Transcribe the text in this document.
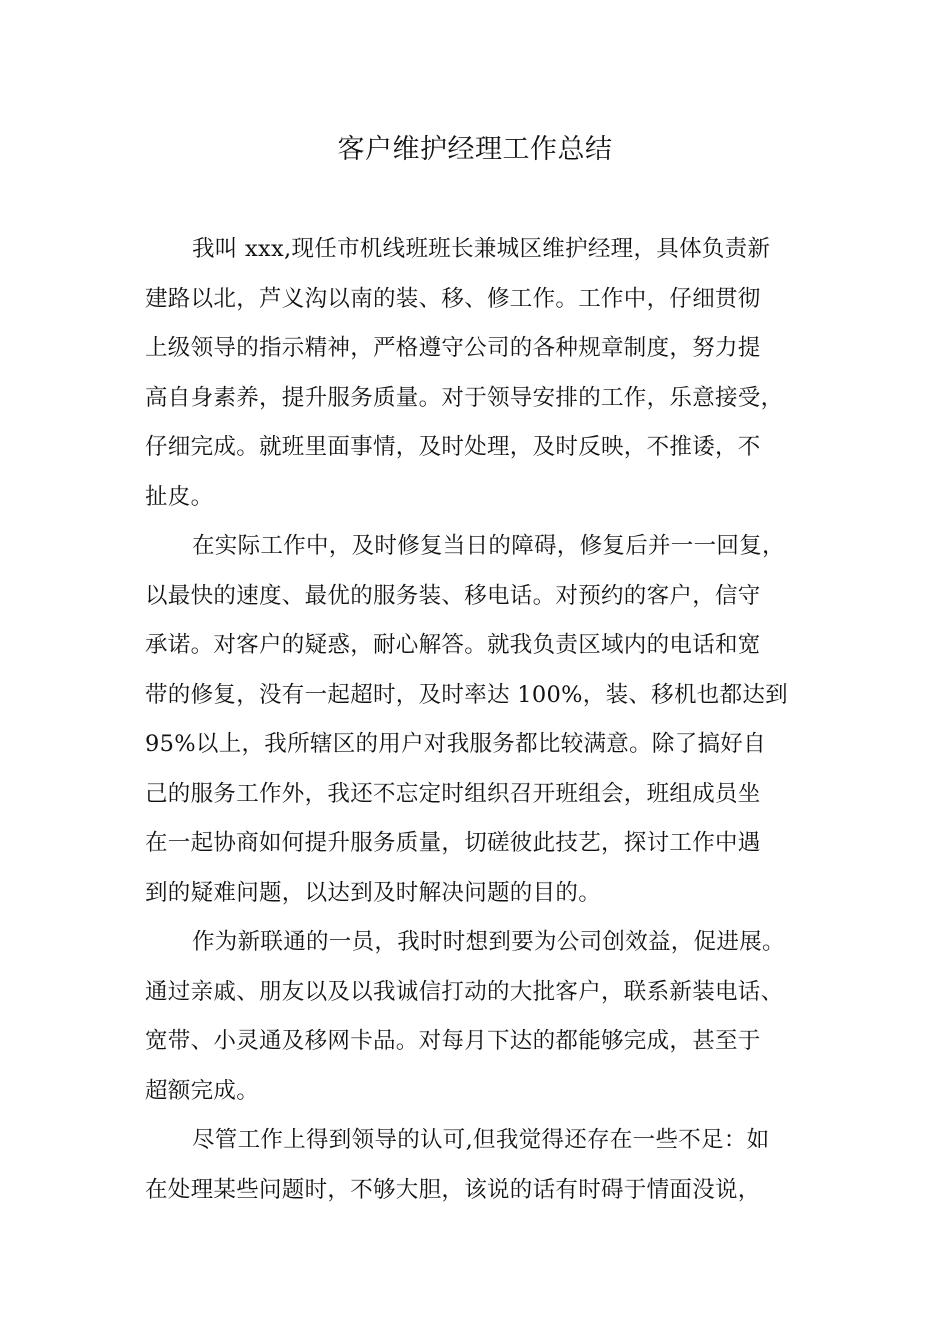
客户维护经理工作总结
我叫 xxx,现任市机线班班长兼城区维护经理，具体负责新
建路以北，芦义沟以南的装、移、修工作。工作中，仔细贯彻
上级领导的指示精神，严格遵守公司的各种规章制度，努力提
高自身素养，提升服务质量。对于领导安排的工作，乐意接受，
仔细完成。就班里面事情，及时处理，及时反映，不推诿，不
扯皮。
在实际工作中，及时修复当日的障碍，修复后并一一回复，
以最快的速度、最优的服务装、移电话。对预约的客户，信守
承诺。对客户的疑惑，耐心解答。就我负责区域内的电话和宽
带的修复，没有一起超时，及时率达 100%，装、移机也都达到
95%以上，我所辖区的用户对我服务都比较满意。除了搞好自
己的服务工作外，我还不忘定时组织召开班组会，班组成员坐
在一起协商如何提升服务质量，切磋彼此技艺，探讨工作中遇
到的疑难问题，以达到及时解决问题的目的。
作为新联通的一员，我时时想到要为公司创效益，促进展。
通过亲戚、朋友以及以我诚信打动的大批客户，联系新装电话、
宽带、小灵通及移网卡品。对每月下达的都能够完成，甚至于
超额完成。
尽管工作上得到领导的认可,但我觉得还存在一些不足：如
在处理某些问题时，不够大胆，该说的话有时碍于情面没说，
